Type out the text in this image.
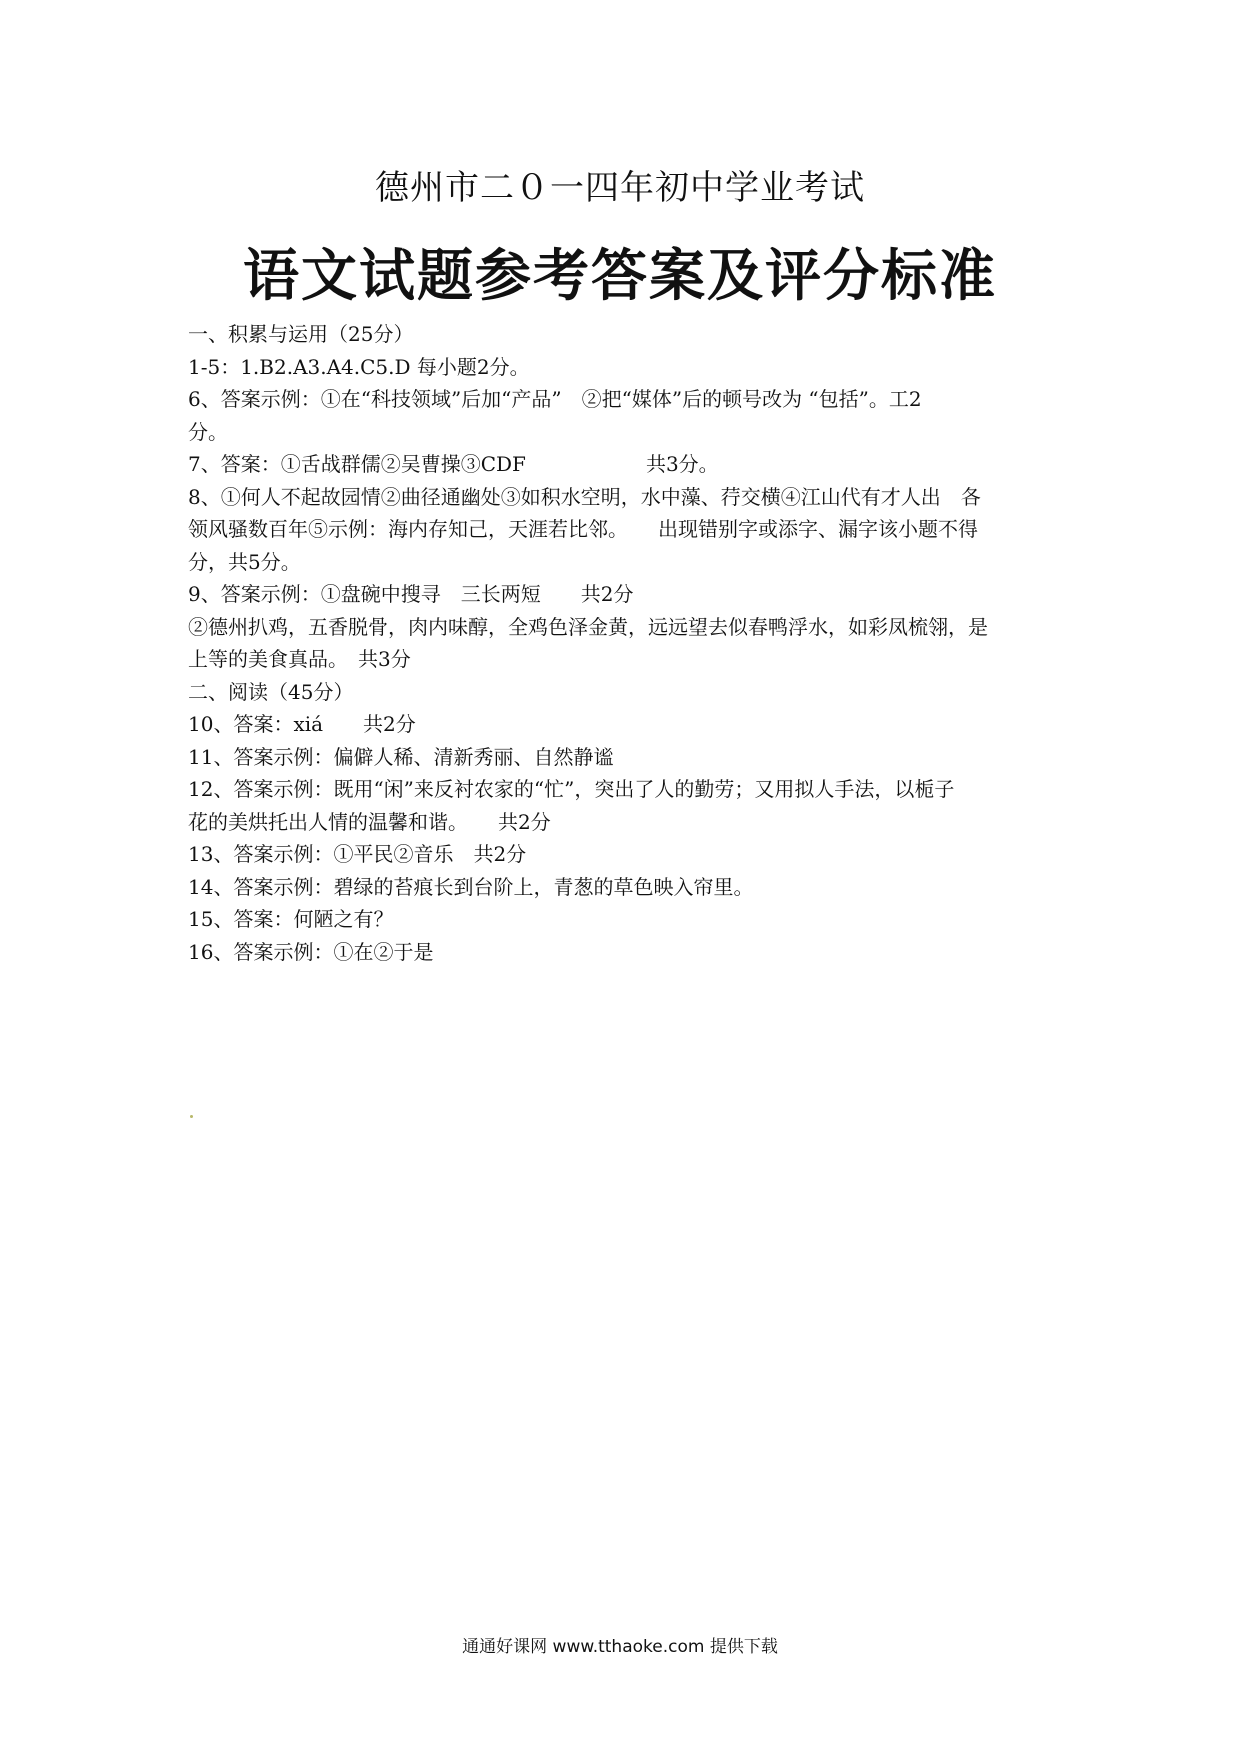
德州市二０一四年初中学业考试
语文试题参考答案及评分标准

一、积累与运用（25分）

1-5：1.B2.A3.A4.C5.D 每小题2分。

6、答案示例：①在“科技领域”后加“产品”　②把“媒体”后的顿号改为 “包括”。工2

分。

7、答案：①舌战群儒②吴曹操③CDF　　　　　　共3分。

8、①何人不起故园情②曲径通幽处③如积水空明，水中藻、荇交横④江山代有才人出　各

领风骚数百年⑤示例：海内存知己，天涯若比邻。　　出现错别字或添字、漏字该小题不得

分，共5分。

9、答案示例：①盘碗中搜寻　三长两短　　共2分

②德州扒鸡，五香脱骨，肉内味醇，全鸡色泽金黄，远远望去似春鸭浮水，如彩凤梳翎，是

上等的美食真品。　共3分

二、阅读（45分）

10、答案：xiá　　共2分

11、答案示例：偏僻人稀、清新秀丽、自然静谧

12、答案示例：既用“闲”来反衬农家的“忙”，突出了人的勤劳；又用拟人手法，以栀子

花的美烘托出人情的温馨和谐。　　共2分

13、答案示例：①平民②音乐　共2分

14、答案示例：碧绿的苔痕长到台阶上，青葱的草色映入帘里。

15、答案：何陋之有？

16、答案示例：①在②于是

通通好课网 www.tthaoke.com 提供下载
